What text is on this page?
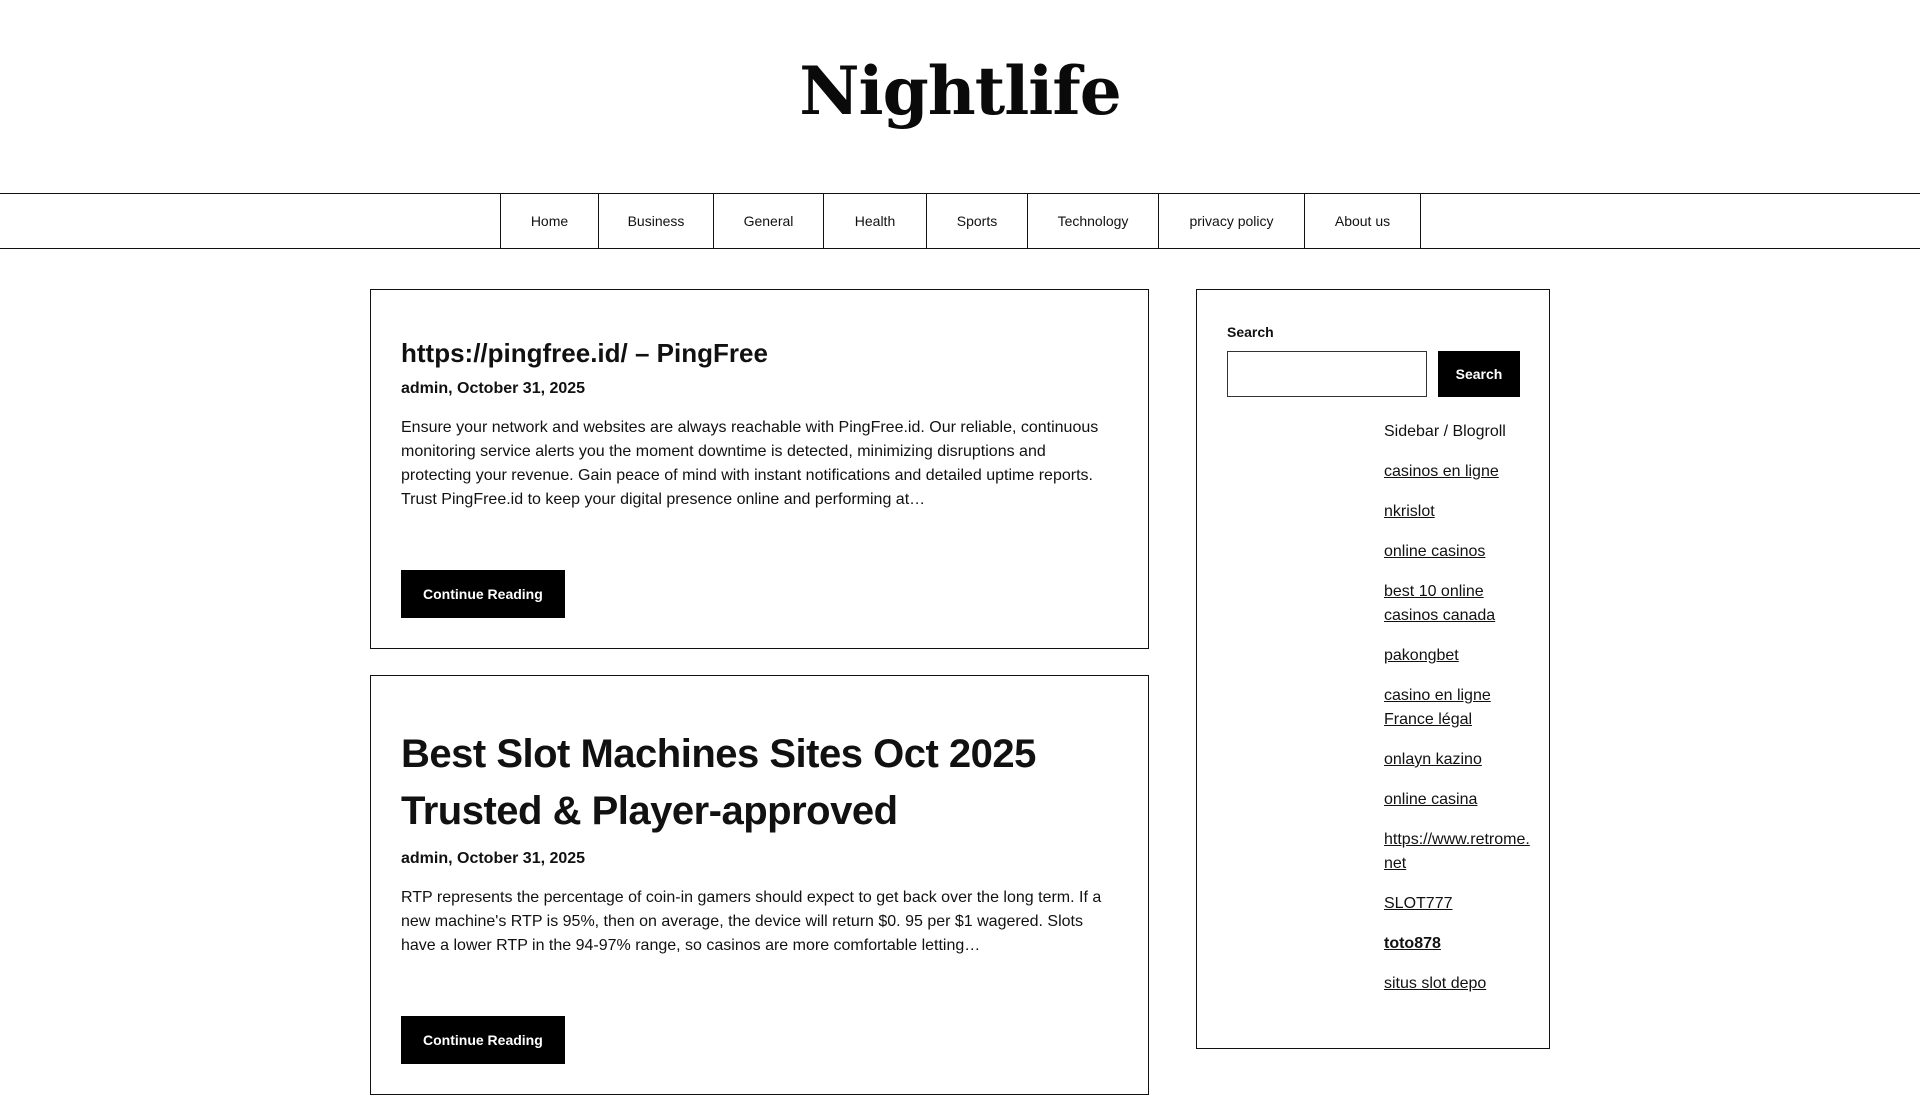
Nightlife
Home	Business	General	Health	Sports	Technology	privacy policy	About us
https://pingfree.id/ – PingFree
admin, October 31, 2025

Ensure your network and websites are always reachable with PingFree.id. Our reliable, continuous monitoring service alerts you the moment downtime is detected, minimizing disruptions and protecting your revenue. Gain peace of mind with instant notifications and detailed uptime reports. Trust PingFree.id to keep your digital presence online and performing at…

Continue Reading
Best Slot Machines Sites Oct 2025 Trusted & Player-approved
admin, October 31, 2025

RTP represents the percentage of coin-in gamers should expect to get back over the long term. If a new machine's RTP is 95%, then on average, the device will return $0. 95 per $1 wagered. Slots have a lower RTP in the 94-97% range, so casinos are more comfortable letting…

Continue Reading
Search
Search
Sidebar / Blogroll
casinos en ligne
nkrislot
online casinos
best 10 online casinos canada
pakongbet
casino en ligne France légal
onlayn kazino
online casina
https://www.retrome.net
SLOT777
toto878
situs slot depo
